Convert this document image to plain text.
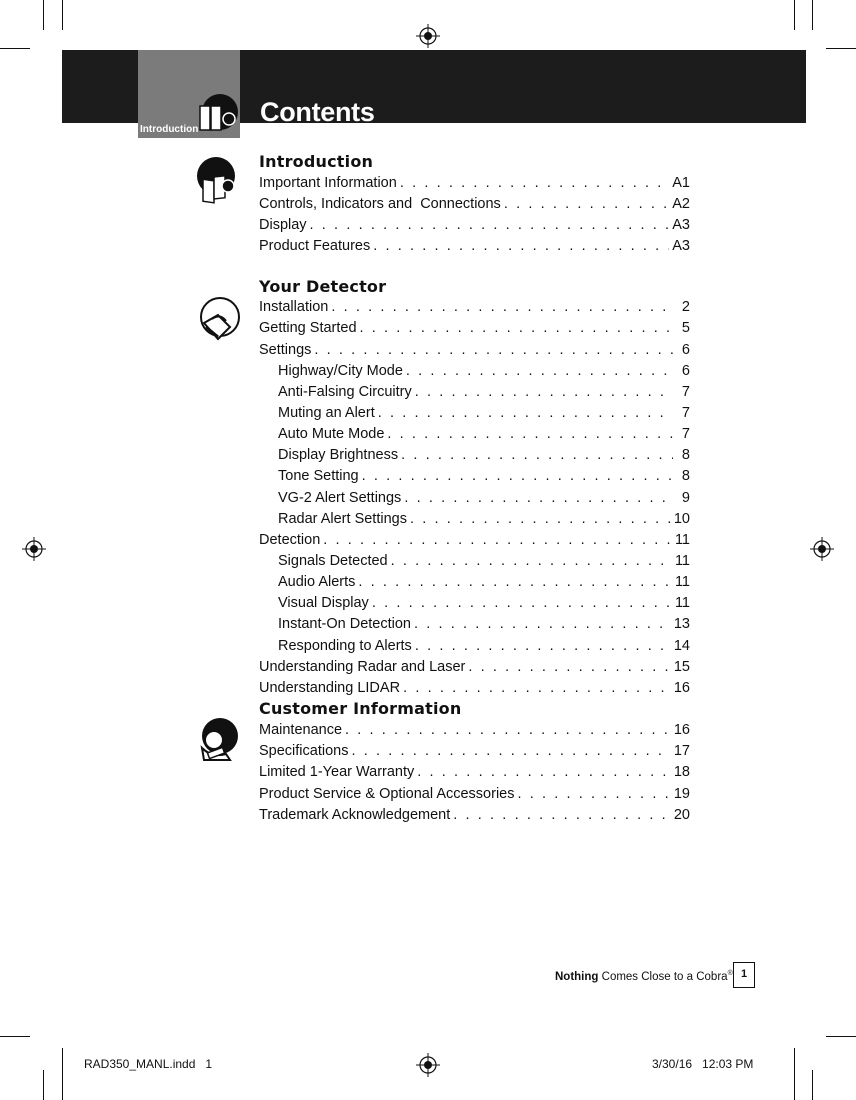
Introduction
Contents
Introduction
Important Information . . .	A1
Controls, Indicators and  Connections . . .	A2
Display . . .	A3
Product Features . . .	A3
Your Detector
Installation . . .	2
Getting Started . . .	5
Settings . . .	6
Highway/City Mode . . .	6
Anti-Falsing Circuitry . . .	7
Muting an Alert . . .	7
Auto Mute Mode . . .	7
Display Brightness . . .	8
Tone Setting . . .	8
VG-2 Alert Settings . . .	9
Radar Alert Settings . . .	10
Detection . . .	11
Signals Detected . . .	11
Audio Alerts . . .	11
Visual Display . . .	11
Instant-On Detection . . .	13
Responding to Alerts . . .	14
Understanding Radar and Laser . . .	15
Understanding LIDAR . . .	16
Customer Information
Maintenance . . .	16
Specifications . . .	17
Limited 1-Year Warranty . . .	18
Product Service & Optional Accessories . . .	19
Trademark Acknowledgement . . .	20
Nothing Comes Close to a Cobra® 1
RAD350_MANL.indd   1	3/30/16   12:03 PM
